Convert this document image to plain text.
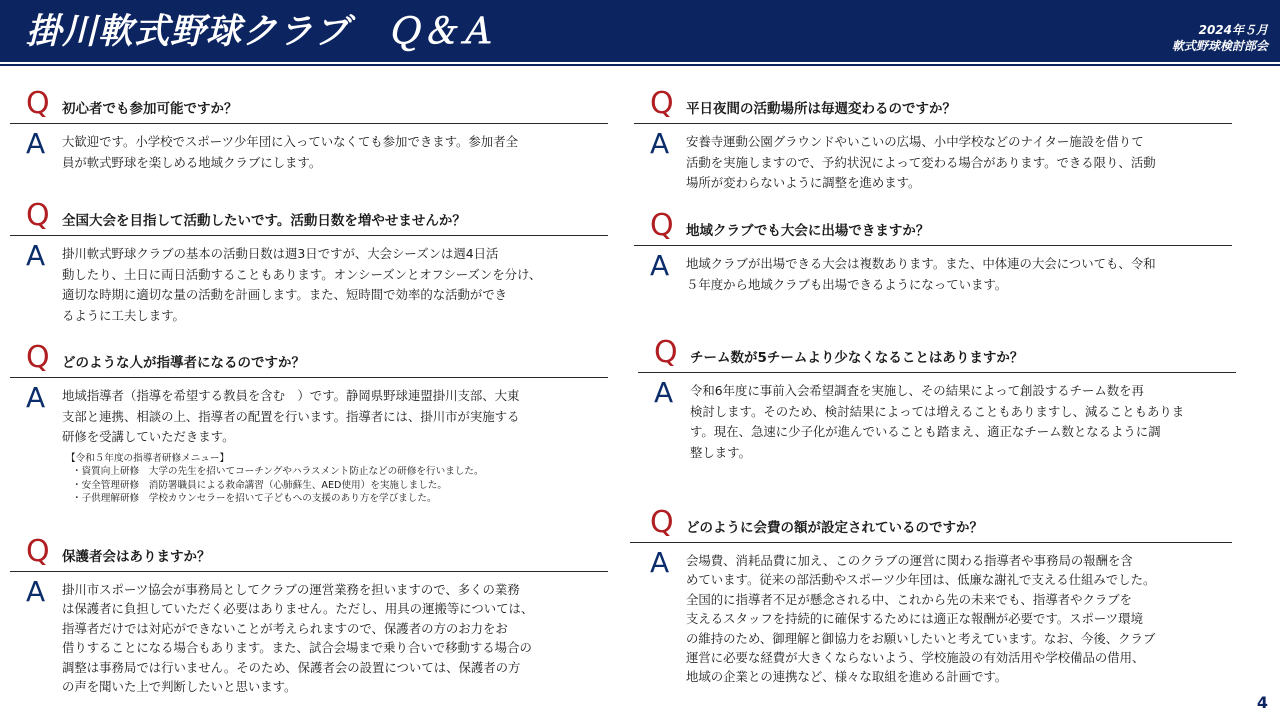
掛川軟式野球クラブ　Ｑ＆Ａ	2024年５月
軟式野球検討部会
Q 初心者でも参加可能ですか？
A 大歓迎です。小学校でスポーツ少年団に入っていなくても参加できます。参加者全
員が軟式野球を楽しめる地域クラブにします。
Q 全国大会を目指して活動したいです。活動日数を増やせませんか？
A 掛川軟式野球クラブの基本の活動日数は週3日ですが、大会シーズンは週4日活
動したり、土日に両日活動することもあります。オンシーズンとオフシーズンを分け、
適切な時期に適切な量の活動を計画します。また、短時間で効率的な活動ができ
るように工夫します。
Q どのような人が指導者になるのですか？
A 地域指導者（指導を希望する教員を含む　）です。静岡県野球連盟掛川支部、大東
支部と連携、相談の上、指導者の配置を行います。指導者には、掛川市が実施する
研修を受講していただきます。
【令和５年度の指導者研修メニュー】
・資質向上研修　大学の先生を招いてコーチングやハラスメント防止などの研修を行いました。
・安全管理研修　消防署職員による救命講習（心肺蘇生、AED使用）を実施しました。
・子供理解研修　学校カウンセラーを招いて子どもへの支援のあり方を学びました。
Q 保護者会はありますか？
A 掛川市スポーツ協会が事務局としてクラブの運営業務を担いますので、多くの業務
は保護者に負担していただく必要はありません。ただし、用具の運搬等については、
指導者だけでは対応ができないことが考えられますので、保護者の方のお力をお
借りすることになる場合もあります。また、試合会場まで乗り合いで移動する場合の
調整は事務局では行いません。そのため、保護者会の設置については、保護者の方
の声を聞いた上で判断したいと思います。
Q 平日夜間の活動場所は毎週変わるのですか？
A 安養寺運動公園グラウンドやいこいの広場、小中学校などのナイター施設を借りて
活動を実施しますので、予約状況によって変わる場合があります。できる限り、活動
場所が変わらないように調整を進めます。
Q 地域クラブでも大会に出場できますか？
A 地域クラブが出場できる大会は複数あります。また、中体連の大会についても、令和
５年度から地域クラブも出場できるようになっています。
Q チーム数が5チームより少なくなることはありますか？
A 令和6年度に事前入会希望調査を実施し、その結果によって創設するチーム数を再
検討します。そのため、検討結果によっては増えることもありますし、減ることもありま
す。現在、急速に少子化が進んでいることも踏まえ、適正なチーム数となるように調
整します。
Q どのように会費の額が設定されているのですか？
A 会場費、消耗品費に加え、このクラブの運営に関わる指導者や事務局の報酬を含
めています。従来の部活動やスポーツ少年団は、低廉な謝礼で支える仕組みでした。
全国的に指導者不足が懸念される中、これから先の未来でも、指導者やクラブを
支えるスタッフを持続的に確保するためには適正な報酬が必要です。スポーツ環境
の維持のため、御理解と御協力をお願いしたいと考えています。なお、今後、クラブ
運営に必要な経費が大きくならないよう、学校施設の有効活用や学校備品の借用、
地域の企業との連携など、様々な取組を進める計画です。
4
